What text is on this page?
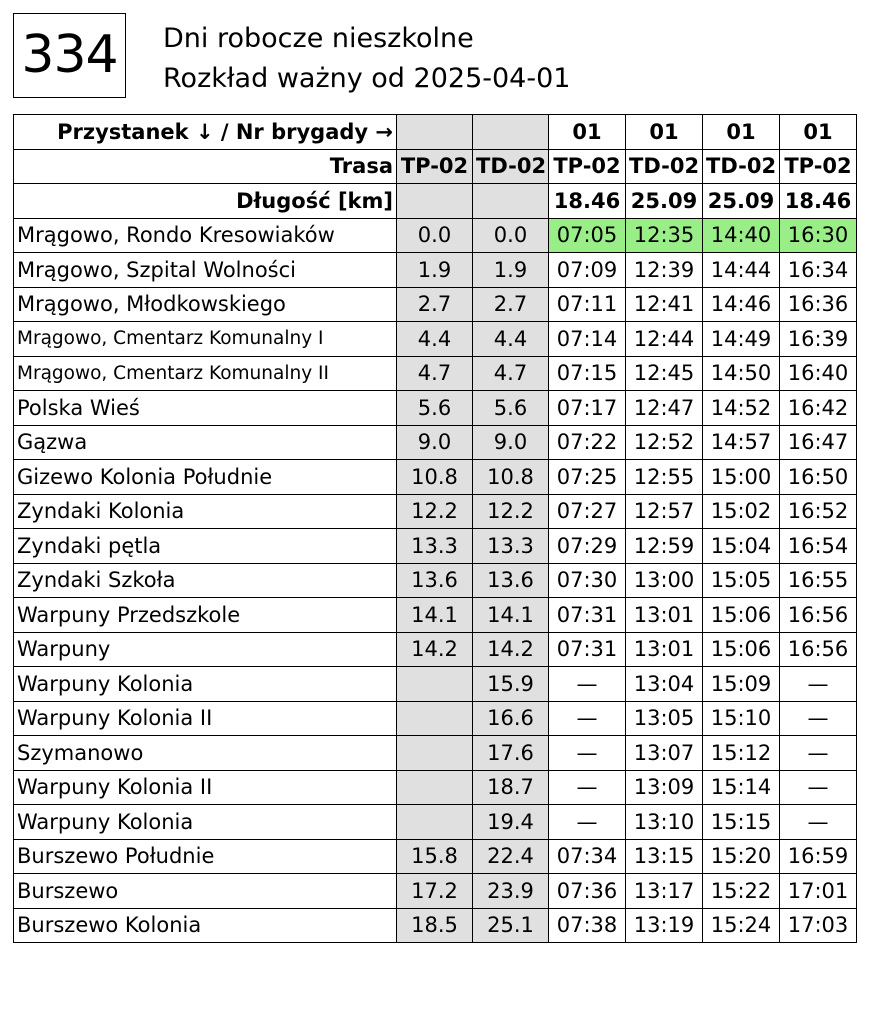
334	Dni robocze nieszkolne
Rozkład ważny od 2025-04-01
Przystanek ↓ / Nr brygady →			01	01	01	01
Trasa	TP-02	TD-02	TP-02	TD-02	TD-02	TP-02
Długość [km]			18.46	25.09	25.09	18.46
Mrągowo, Rondo Kresowiaków	0.0	0.0	07:05	12:35	14:40	16:30
Mrągowo, Szpital Wolności	1.9	1.9	07:09	12:39	14:44	16:34
Mrągowo, Młodkowskiego	2.7	2.7	07:11	12:41	14:46	16:36
Mrągowo, Cmentarz Komunalny I	4.4	4.4	07:14	12:44	14:49	16:39
Mrągowo, Cmentarz Komunalny II	4.7	4.7	07:15	12:45	14:50	16:40
Polska Wieś	5.6	5.6	07:17	12:47	14:52	16:42
Gązwa	9.0	9.0	07:22	12:52	14:57	16:47
Gizewo Kolonia Południe	10.8	10.8	07:25	12:55	15:00	16:50
Zyndaki Kolonia	12.2	12.2	07:27	12:57	15:02	16:52
Zyndaki pętla	13.3	13.3	07:29	12:59	15:04	16:54
Zyndaki Szkoła	13.6	13.6	07:30	13:00	15:05	16:55
Warpuny Przedszkole	14.1	14.1	07:31	13:01	15:06	16:56
Warpuny	14.2	14.2	07:31	13:01	15:06	16:56
Warpuny Kolonia		15.9	—	13:04	15:09	—
Warpuny Kolonia II		16.6	—	13:05	15:10	—
Szymanowo		17.6	—	13:07	15:12	—
Warpuny Kolonia II		18.7	—	13:09	15:14	—
Warpuny Kolonia		19.4	—	13:10	15:15	—
Burszewo Południe	15.8	22.4	07:34	13:15	15:20	16:59
Burszewo	17.2	23.9	07:36	13:17	15:22	17:01
Burszewo Kolonia	18.5	25.1	07:38	13:19	15:24	17:03
